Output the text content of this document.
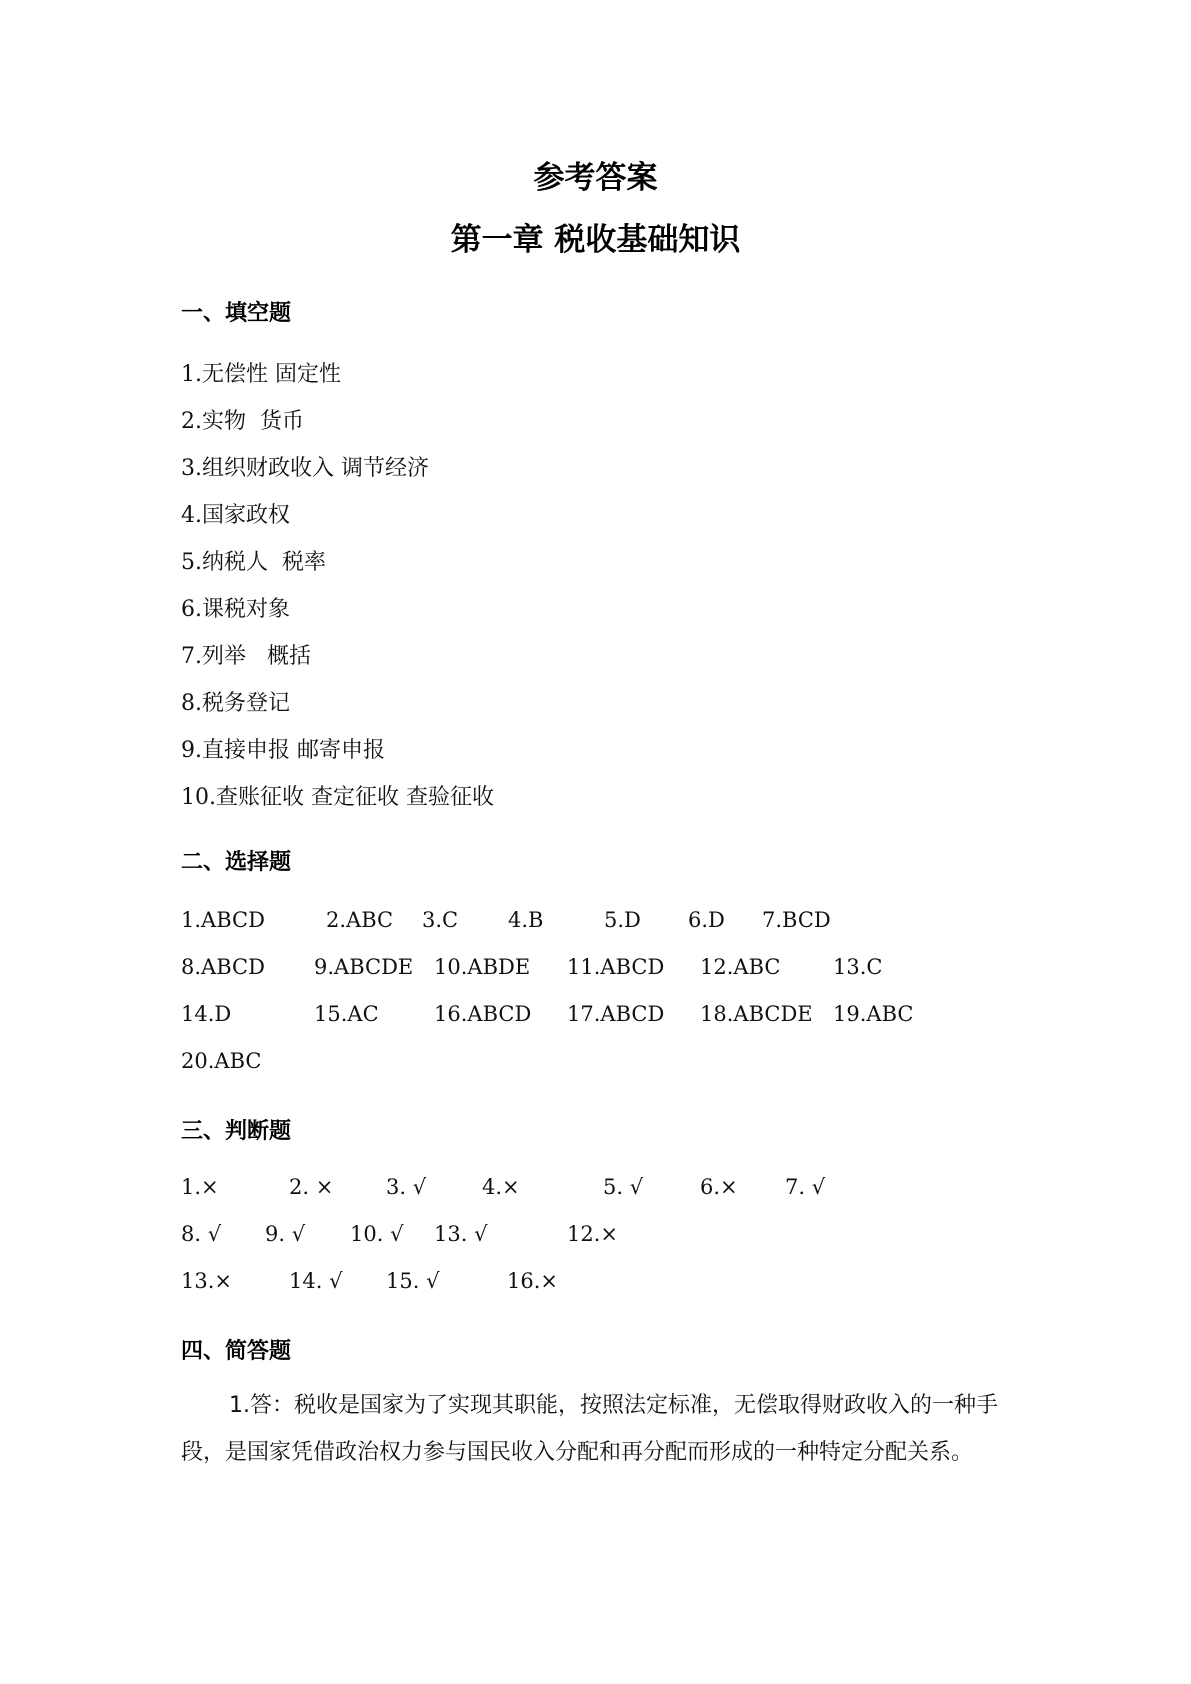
参考答案
第一章 税收基础知识
一、填空题
1.无偿性 固定性
2.实物  货币
3.组织财政收入 调节经济
4.国家政权
5.纳税人  税率
6.课税对象
7.列举   概括
8.税务登记
9.直接申报 邮寄申报
10.查账征收 查定征收 查验征收
二、选择题
1.ABCD	2.ABC 3.C 4.B	5.D 6.D 7.BCD
8.ABCD 9.ABCDE 10.ABDE 11.ABCD 12.ABC	13.C
14.D	15.AC	16.ABCD 17.ABCD 18.ABCDE 19.ABC
20.ABC
三、判断题
1.×	2. ×	3. √	4.×	5. √	6.× 7. √
8. √ 9. √ 10. √ 13. √	12.×
13.×	14. √ 15. √	16.×
四、简答题
1.答：税收是国家为了实现其职能，按照法定标准，无偿取得财政收入的一种手段，是国家凭借政治权力参与国民收入分配和再分配而形成的一种特定分配关系。
